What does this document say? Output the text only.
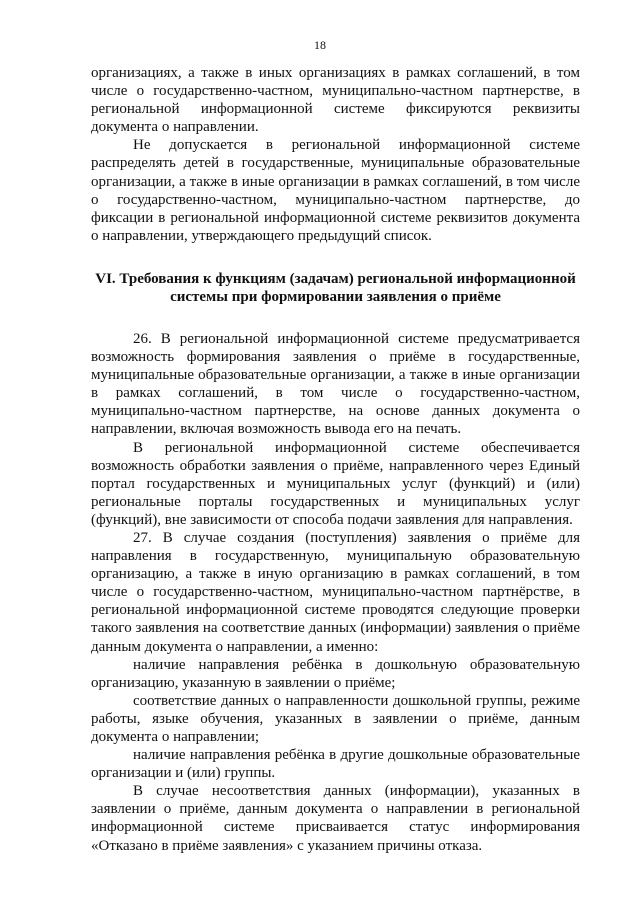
18

организациях, а также в иных организациях в рамках соглашений, в том числе о государственно-частном, муниципально-частном партнерстве, в региональной информационной системе фиксируются реквизиты документа о направлении.

Не допускается в региональной информационной системе распределять детей в государственные, муниципальные образовательные организации, а также в иные организации в рамках соглашений, в том числе о государственно-частном, муниципально-частном партнерстве, до фиксации в региональной информационной системе реквизитов документа о направлении, утверждающего предыдущий список.

VI. Требования к функциям (задачам) региональной информационной системы при формировании заявления о приёме

26. В региональной информационной системе предусматривается возможность формирования заявления о приёме в государственные, муниципальные образовательные организации, а также в иные организации в рамках соглашений, в том числе о государственно-частном, муниципально-частном партнерстве, на основе данных документа о направлении, включая возможность вывода его на печать.

В региональной информационной системе обеспечивается возможность обработки заявления о приёме, направленного через Единый портал государственных и муниципальных услуг (функций) и (или) региональные порталы государственных и муниципальных услуг (функций), вне зависимости от способа подачи заявления для направления.

27. В случае создания (поступления) заявления о приёме для направления в государственную, муниципальную образовательную организацию, а также в иную организацию в рамках соглашений, в том числе о государственно-частном, муниципально-частном партнёрстве, в региональной информационной системе проводятся следующие проверки такого заявления на соответствие данных (информации) заявления о приёме данным документа о направлении, а именно:

наличие направления ребёнка в дошкольную образовательную организацию, указанную в заявлении о приёме;

соответствие данных о направленности дошкольной группы, режиме работы, языке обучения, указанных в заявлении о приёме, данным документа о направлении;

наличие направления ребёнка в другие дошкольные образовательные организации и (или) группы.

В случае несоответствия данных (информации), указанных в заявлении о приёме, данным документа о направлении в региональной информационной системе присваивается статус информирования «Отказано в приёме заявления» с указанием причины отказа.
